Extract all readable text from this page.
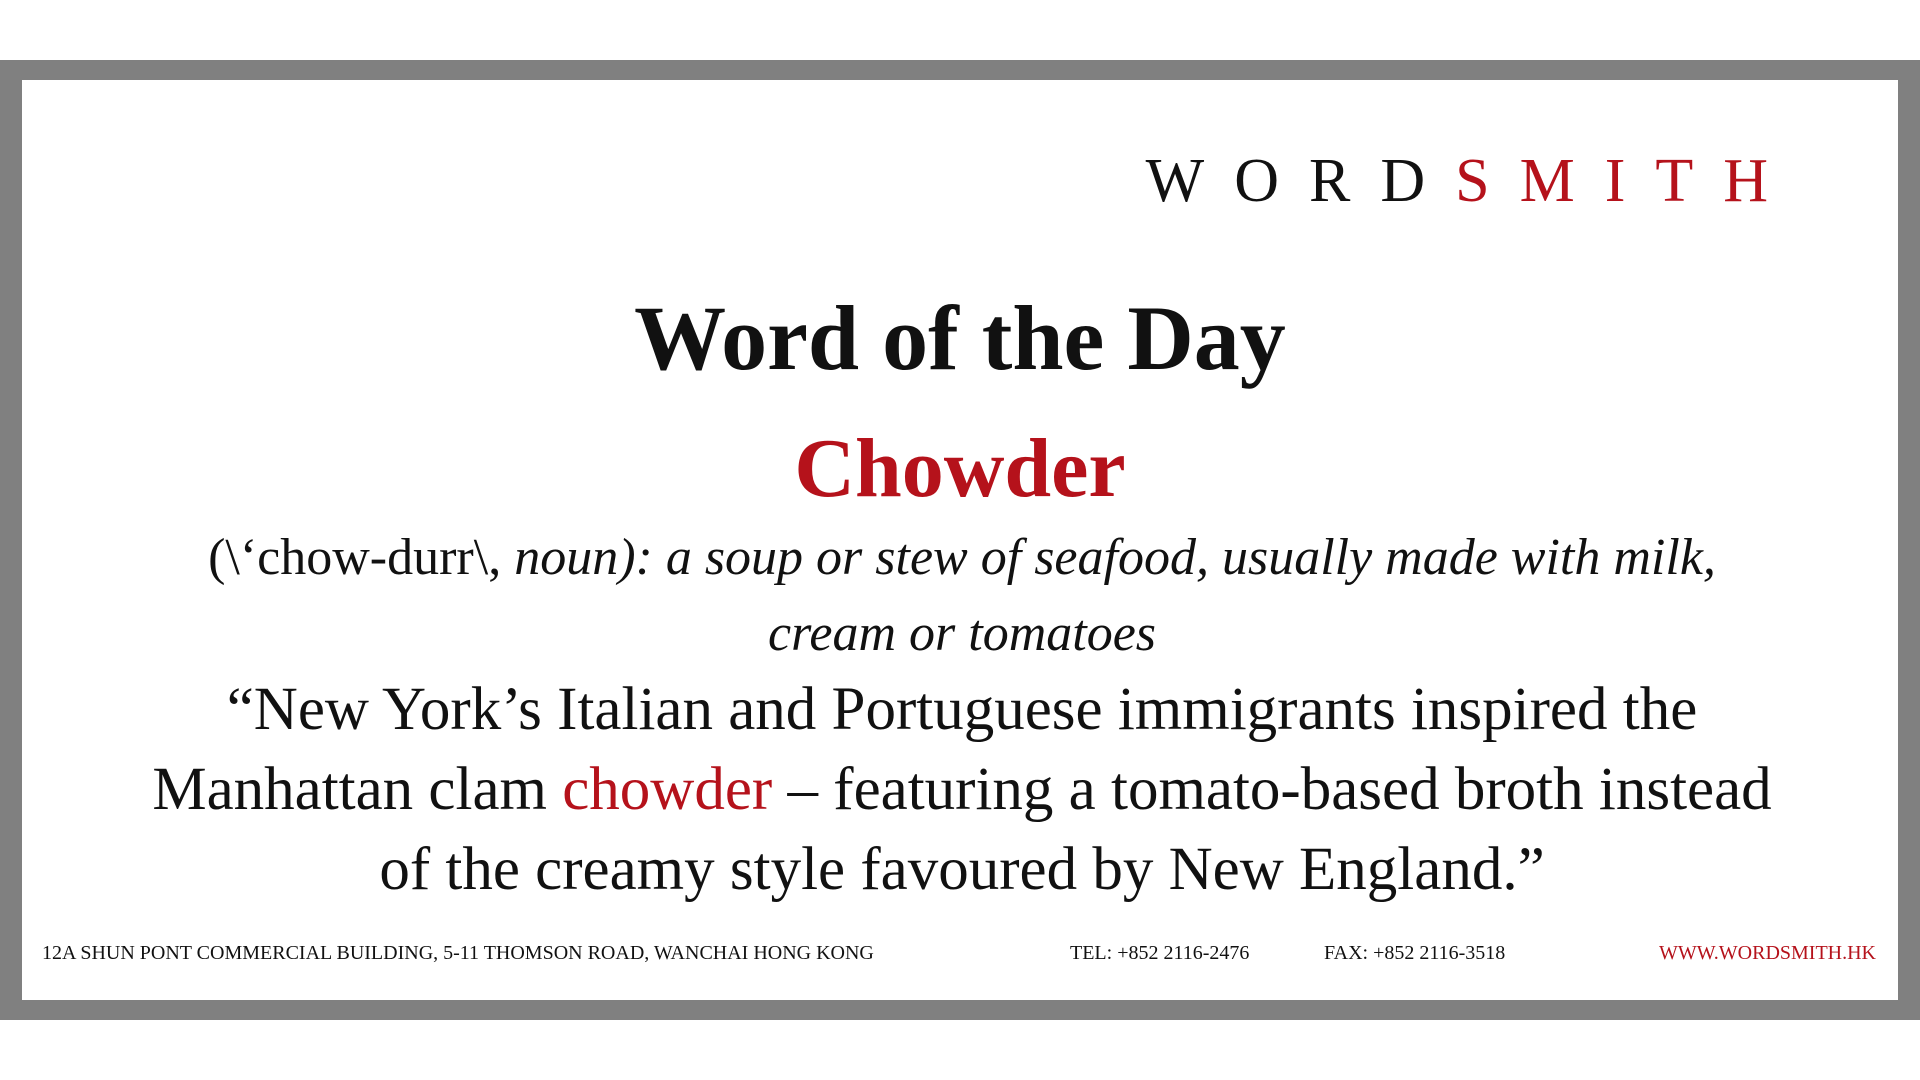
WORDSMITH
Word of the Day
Chowder
(\‘chow-durr\, noun): a soup or stew of seafood, usually made with milk, cream or tomatoes
“New York’s Italian and Portuguese immigrants inspired the Manhattan clam chowder – featuring a tomato-based broth instead of the creamy style favoured by New England.”
12A SHUN PONT COMMERCIAL BUILDING, 5-11 THOMSON ROAD, WANCHAI HONG KONG	TEL: +852 2116-2476	FAX: +852 2116-3518	WWW.WORDSMITH.HK
